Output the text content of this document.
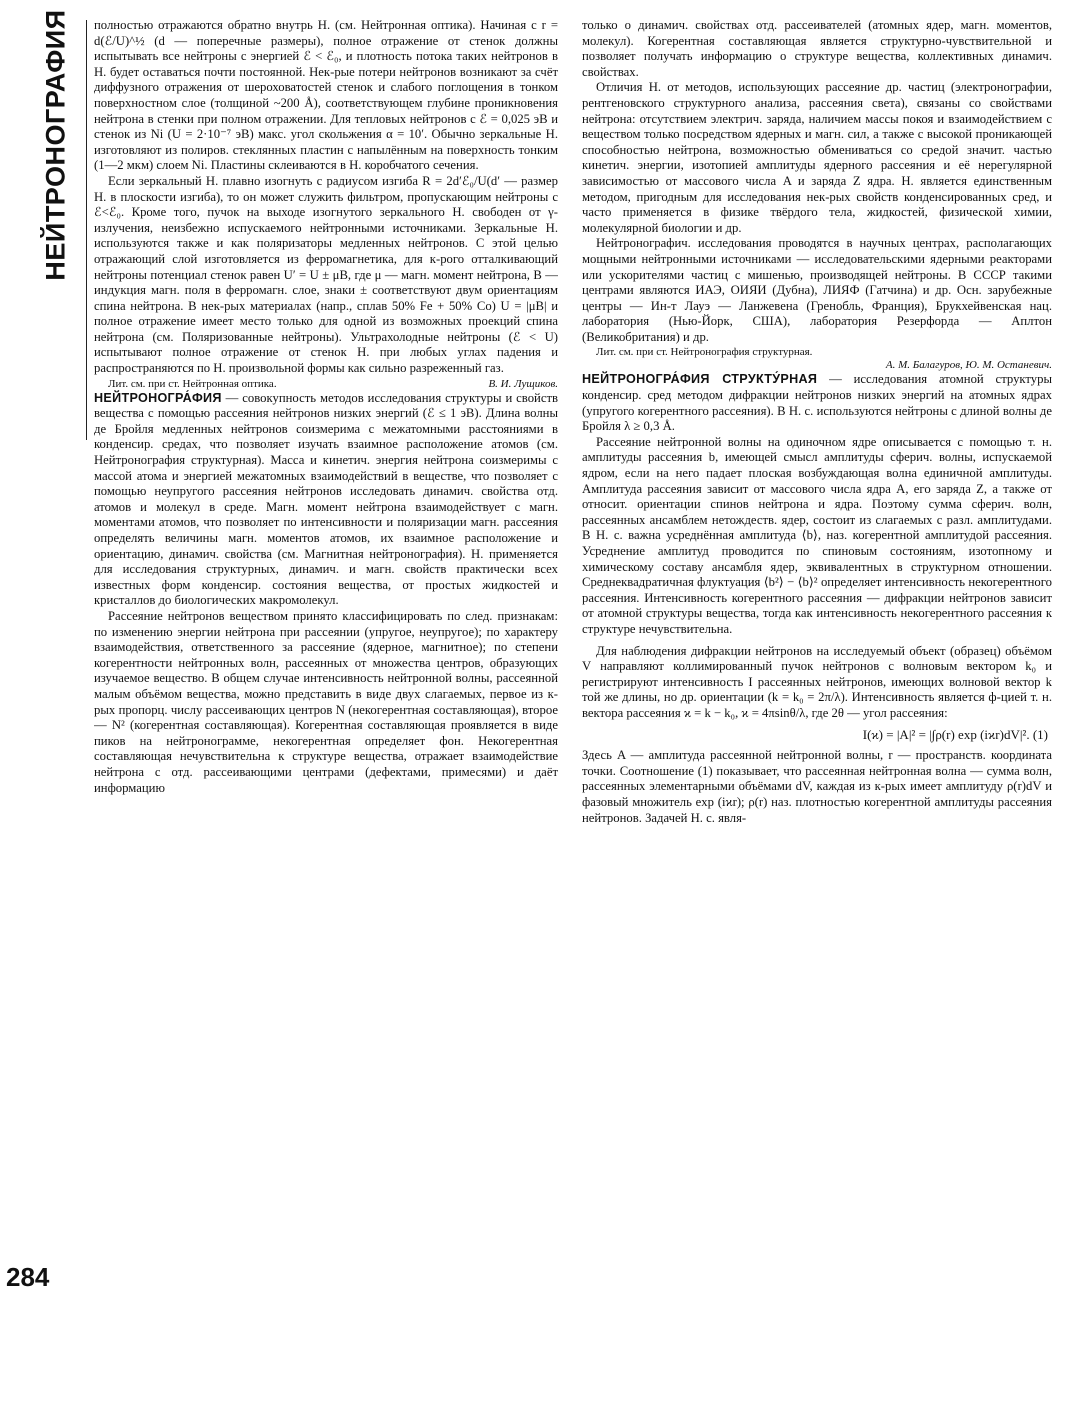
НЕЙТРОНОГРАФИЯ
284

полностью отражаются обратно внутрь Н. (см. Нейтронная оптика). Начиная с r = d(ℰ/U)^½ (d — поперечные размеры), полное отражение от стенок должны испытывать все нейтроны с энергией ℰ < ℰ₀, и плотность потока таких нейтронов в Н. будет оставаться почти постоянной. Нек-рые потери нейтронов возникают за счёт диффузного отражения от шероховатостей стенок и слабого поглощения в тонком поверхностном слое (толщиной ~200 Å), соответствующем глубине проникновения нейтрона в стенки при полном отражении. Для тепловых нейтронов с ℰ = 0,025 эВ и стенок из Ni (U = 2·10⁻⁷ эВ) макс. угол скольжения α = 10′. Обычно зеркальные Н. изготовляют из полиров. стеклянных пластин с напылённым на поверхность тонким (1—2 мкм) слоем Ni. Пластины склеиваются в Н. коробчатого сечения.

Если зеркальный Н. плавно изогнуть с радиусом изгиба R = 2d′ℰ₀/U(d′ — размер Н. в плоскости изгиба), то он может служить фильтром, пропускающим нейтроны с ℰ<ℰ₀. Кроме того, пучок на выходе изогнутого зеркального Н. свободен от γ-излучения, неизбежно испускаемого нейтронными источниками. Зеркальные Н. используются также и как поляризаторы медленных нейтронов. С этой целью отражающий слой изготовляется из ферромагнетика, для к-рого отталкивающий нейтроны потенциал стенок равен U′ = U ± μB, где μ — магн. момент нейтрона, B — индукция магн. поля в ферромагн. слое, знаки ± соответствуют двум ориентациям спина нейтрона. В нек-рых материалах (напр., сплав 50% Fe + 50% Co) U = |μB| и полное отражение имеет место только для одной из возможных проекций спина нейтрона (см. Поляризованные нейтроны). Ультрахолодные нейтроны (ℰ < U) испытывают полное отражение от стенок Н. при любых углах падения и распространяются по Н. произвольной формы как сильно разреженный газ.

В. И. Лущиков.
Лит. см. при ст. Нейтронная оптика.

НЕЙТРОНОГРА́ФИЯ — совокупность методов исследования структуры и свойств вещества с помощью рассеяния нейтронов низких энергий (ℰ ≤ 1 эВ). Длина волны де Бройля медленных нейтронов соизмерима с межатомными расстояниями в конденсир. средах, что позволяет изучать взаимное расположение атомов (см. Нейтронография структурная). Масса и кинетич. энергия нейтрона соизмеримы с массой атома и энергией межатомных взаимодействий в веществе, что позволяет с помощью неупругого рассеяния нейтронов исследовать динамич. свойства отд. атомов и молекул в среде. Магн. момент нейтрона взаимодействует с магн. моментами атомов, что позволяет по интенсивности и поляризации магн. рассеяния определять величины магн. моментов атомов, их взаимное расположение и ориентацию, динамич. свойства (см. Магнитная нейтронография). Н. применяется для исследования структурных, динамич. и магн. свойств практически всех известных форм конденсир. состояния вещества, от простых жидкостей и кристаллов до биологических макромолекул.

Рассеяние нейтронов веществом принято классифицировать по след. признакам: по изменению энергии нейтрона при рассеянии (упругое, неупругое); по характеру взаимодействия, ответственного за рассеяние (ядерное, магнитное); по степени когерентности нейтронных волн, рассеянных от множества центров, образующих изучаемое вещество. В общем случае интенсивность нейтронной волны, рассеянной малым объёмом вещества, можно представить в виде двух слагаемых, первое из к-рых пропорц. числу рассеивающих центров N (некогерентная составляющая), второе — N² (когерентная составляющая). Когерентная составляющая проявляется в виде пиков на нейтронограмме, некогерентная определяет фон. Некогерентная составляющая нечувствительна к структуре вещества, отражает взаимодействие нейтрона с отд. рассеивающими центрами (дефектами, примесями) и даёт информацию

только о динамич. свойствах отд. рассеивателей (атомных ядер, магн. моментов, молекул). Когерентная составляющая является структурно-чувствительной и позволяет получать информацию о структуре вещества, коллективных динамич. свойствах.

Отличия Н. от методов, использующих рассеяние др. частиц (электронографии, рентгеновского структурного анализа, рассеяния света), связаны со свойствами нейтрона: отсутствием электрич. заряда, наличием массы покоя и взаимодействием с веществом только посредством ядерных и магн. сил, а также с высокой проникающей способностью нейтрона, возможностью обмениваться со средой значит. частью кинетич. энергии, изотопией амплитуды ядерного рассеяния и её нерегулярной зависимостью от массового числа A и заряда Z ядра. Н. является единственным методом, пригодным для исследования нек-рых свойств конденсированных сред, и часто применяется в физике твёрдого тела, жидкостей, физической химии, молекулярной биологии и др.

Нейтронографич. исследования проводятся в научных центрах, располагающих мощными нейтронными источниками — исследовательскими ядерными реакторами или ускорителями частиц с мишенью, производящей нейтроны. В СССР такими центрами являются ИАЭ, ОИЯИ (Дубна), ЛИЯФ (Гатчина) и др. Осн. зарубежные центры — Ин-т Лауэ — Ланжевена (Гренобль, Франция), Брукхейвенская нац. лаборатория (Нью-Йорк, США), лаборатория Резерфорда — Аплтон (Великобритания) и др.

Лит. см. при ст. Нейтронография структурная.
А. М. Балагуров, Ю. М. Останевич.

НЕЙТРОНОГРА́ФИЯ СТРУКТУ́РНАЯ — исследования атомной структуры конденсир. сред методом дифракции нейтронов низких энергий на атомных ядрах (упругого когерентного рассеяния). В Н. с. используются нейтроны с длиной волны де Бройля λ ≥ 0,3 Å.

Рассеяние нейтронной волны на одиночном ядре описывается с помощью т. н. амплитуды рассеяния b, имеющей смысл амплитуды сферич. волны, испускаемой ядром, если на него падает плоская возбуждающая волна единичной амплитуды. Амплитуда рассеяния зависит от массового числа ядра A, его заряда Z, а также от относит. ориентации спинов нейтрона и ядра. Поэтому сумма сферич. волн, рассеянных ансамблем нетождеств. ядер, состоит из слагаемых с разл. амплитудами. В Н. с. важна усреднённая амплитуда ⟨b⟩, наз. когерентной амплитудой рассеяния. Усреднение амплитуд проводится по спиновым состояниям, изотопному и химическому составу ансамбля ядер, эквивалентных в структурном отношении. Среднеквадратичная флуктуация ⟨b²⟩ − ⟨b⟩² определяет интенсивность некогерентного рассеяния. Интенсивность когерентного рассеяния — дифракции нейтронов зависит от атомной структуры вещества, тогда как интенсивность некогерентного рассеяния к структуре нечувствительна.

Для наблюдения дифракции нейтронов на исследуемый объект (образец) объёмом V направляют коллимированный пучок нейтронов с волновым вектором k₀ и регистрируют интенсивность I рассеянных нейтронов, имеющих волновой вектор k той же длины, но др. ориентации (k = k₀ = 2π/λ). Интенсивность является ф-цией т. н. вектора рассеяния ϰ = k − k₀, ϰ = 4πsinθ/λ, где 2θ — угол рассеяния:

I(ϰ) = |A|² = |∫ρ(r) exp (iϰr)dV|². (1)

Здесь A — амплитуда рассеянной нейтронной волны, r — пространств. координата точки. Соотношение (1) показывает, что рассеянная нейтронная волна — сумма волн, рассеянных элементарными объёмами dV, каждая из к-рых имеет амплитуду ρ(r)dV и фазовый множитель exp (iϰr); ρ(r) наз. плотностью когерентной амплитуды рассеяния нейтронов. Задачей Н. с. явля-
